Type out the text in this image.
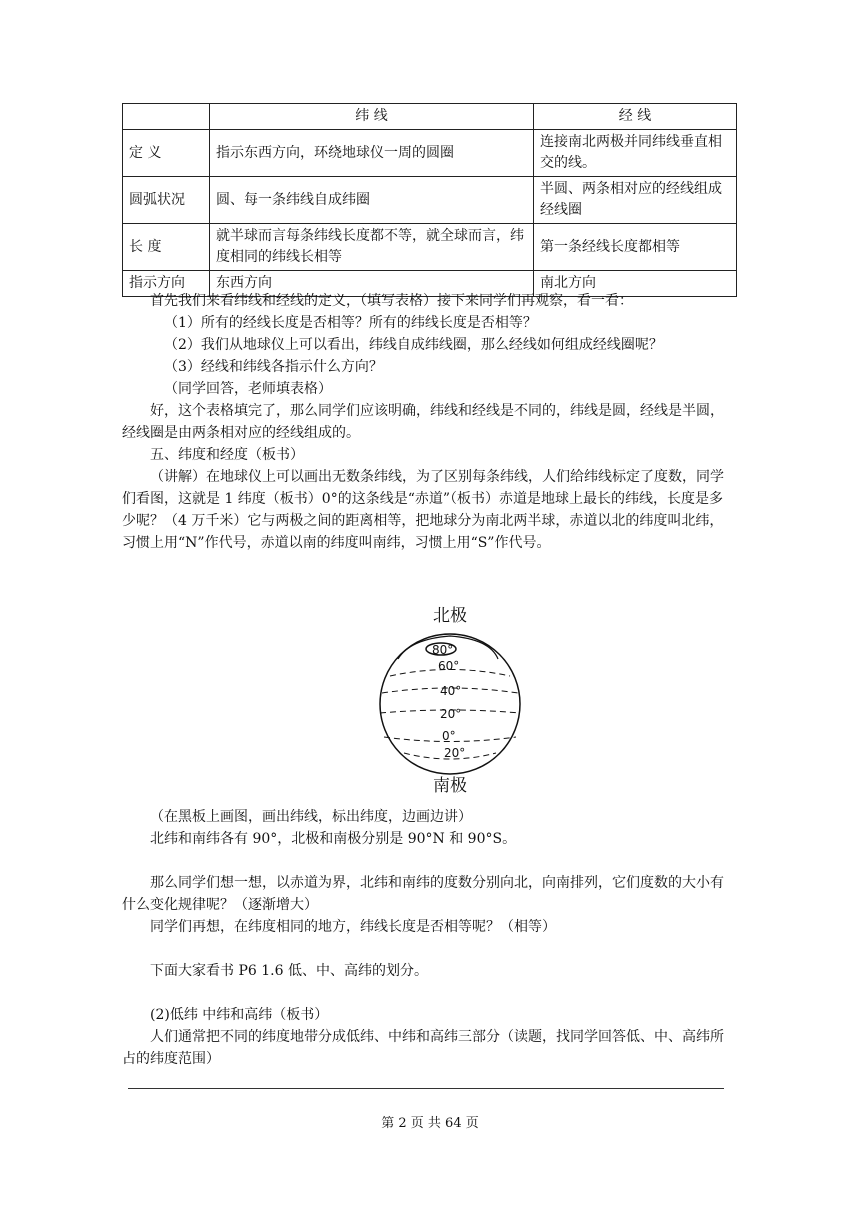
	纬 线	经 线
定 义	指示东西方向，环绕地球仪一周的圆圈	连接南北两极并同纬线垂直相交的线。
圆弧状况	圆、每一条纬线自成纬圈	半圆、两条相对应的经线组成经线圈
长 度	就半球而言每条纬线长度都不等，就全球而言，纬度相同的纬线长相等	第一条经线长度都相等
指示方向	东西方向	南北方向

首先我们来看纬线和经线的定义，（填写表格）接下来同学们再观察，看一看：

（1）所有的经线长度是否相等？所有的纬线长度是否相等？

（2）我们从地球仪上可以看出，纬线自成纬线圈，那么经线如何组成经线圈呢？

（3）经线和纬线各指示什么方向？

（同学回答，老师填表格）

好，这个表格填完了，那么同学们应该明确，纬线和经线是不同的，纬线是圆，经线是半圆，经线圈是由两条相对应的经线组成的。

五、纬度和经度（板书）

（讲解）在地球仪上可以画出无数条纬线，为了区别每条纬线，人们给纬线标定了度数，同学们看图，这就是 1 纬度（板书）0°的这条线是“赤道”（板书）赤道是地球上最长的纬线，长度是多少呢？（4 万千米）它与两极之间的距离相等，把地球分为南北两半球，赤道以北的纬度叫北纬，习惯上用“N”作代号，赤道以南的纬度叫南纬，习惯上用“S”作代号。

北极
80°
60°
40°
20°
0°
20°
南极

（在黑板上画图，画出纬线，标出纬度，边画边讲）

北纬和南纬各有 90°，北极和南极分别是 90°N 和 90°S。

那么同学们想一想，以赤道为界，北纬和南纬的度数分别向北，向南排列，它们度数的大小有什么变化规律呢？（逐渐增大）

同学们再想，在纬度相同的地方，纬线长度是否相等呢？（相等）

下面大家看书 P6 1.6 低、中、高纬的划分。

(2)低纬 中纬和高纬（板书）

人们通常把不同的纬度地带分成低纬、中纬和高纬三部分（读题，找同学回答低、中、高纬所占的纬度范围）

第 2 页 共 64 页
